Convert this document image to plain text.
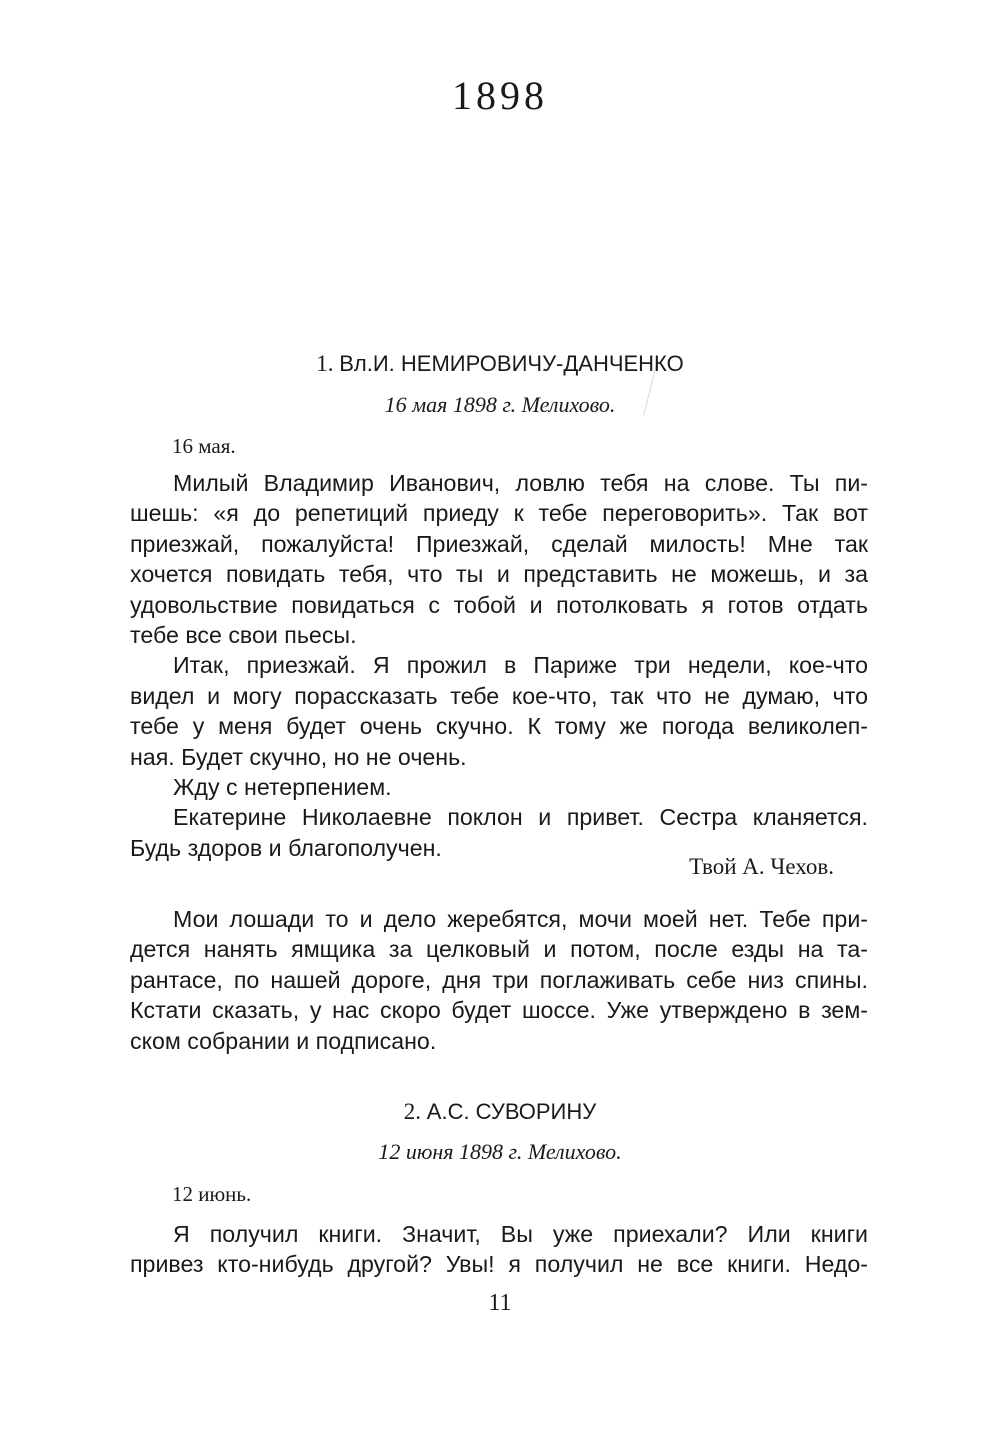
1898
1. Вл.И. НЕМИРОВИЧУ-ДАНЧЕНКО
16 мая 1898 г. Мелихово.
16 мая.
Милый Владимир Иванович, ловлю тебя на слове. Ты пи-
шешь: «я до репетиций приеду к тебе переговорить». Так вот
приезжай, пожалуйста! Приезжай, сделай милость! Мне так
хочется повидать тебя, что ты и представить не можешь, и за
удовольствие повидаться с тобой и потолковать я готов отдать
тебе все свои пьесы.
Итак, приезжай. Я прожил в Париже три недели, кое-что
видел и могу порассказать тебе кое-что, так что не думаю, что
тебе у меня будет очень скучно. К тому же погода великолеп-
ная. Будет скучно, но не очень.
Жду с нетерпением.
Екатерине Николаевне поклон и привет. Сестра кланяется.
Будь здоров и благополучен.
Твой А. Чехов.
Мои лошади то и дело жеребятся, мочи моей нет. Тебе при-
дется нанять ямщика за целковый и потом, после езды на та-
рантасе, по нашей дороге, дня три поглаживать себе низ спины.
Кстати сказать, у нас скоро будет шоссе. Уже утверждено в зем-
ском собрании и подписано.
2. А.С. СУВОРИНУ
12 июня 1898 г. Мелихово.
12 июнь.
Я получил книги. Значит, Вы уже приехали? Или книги
привез кто-нибудь другой? Увы! я получил не все книги. Недо-
11
